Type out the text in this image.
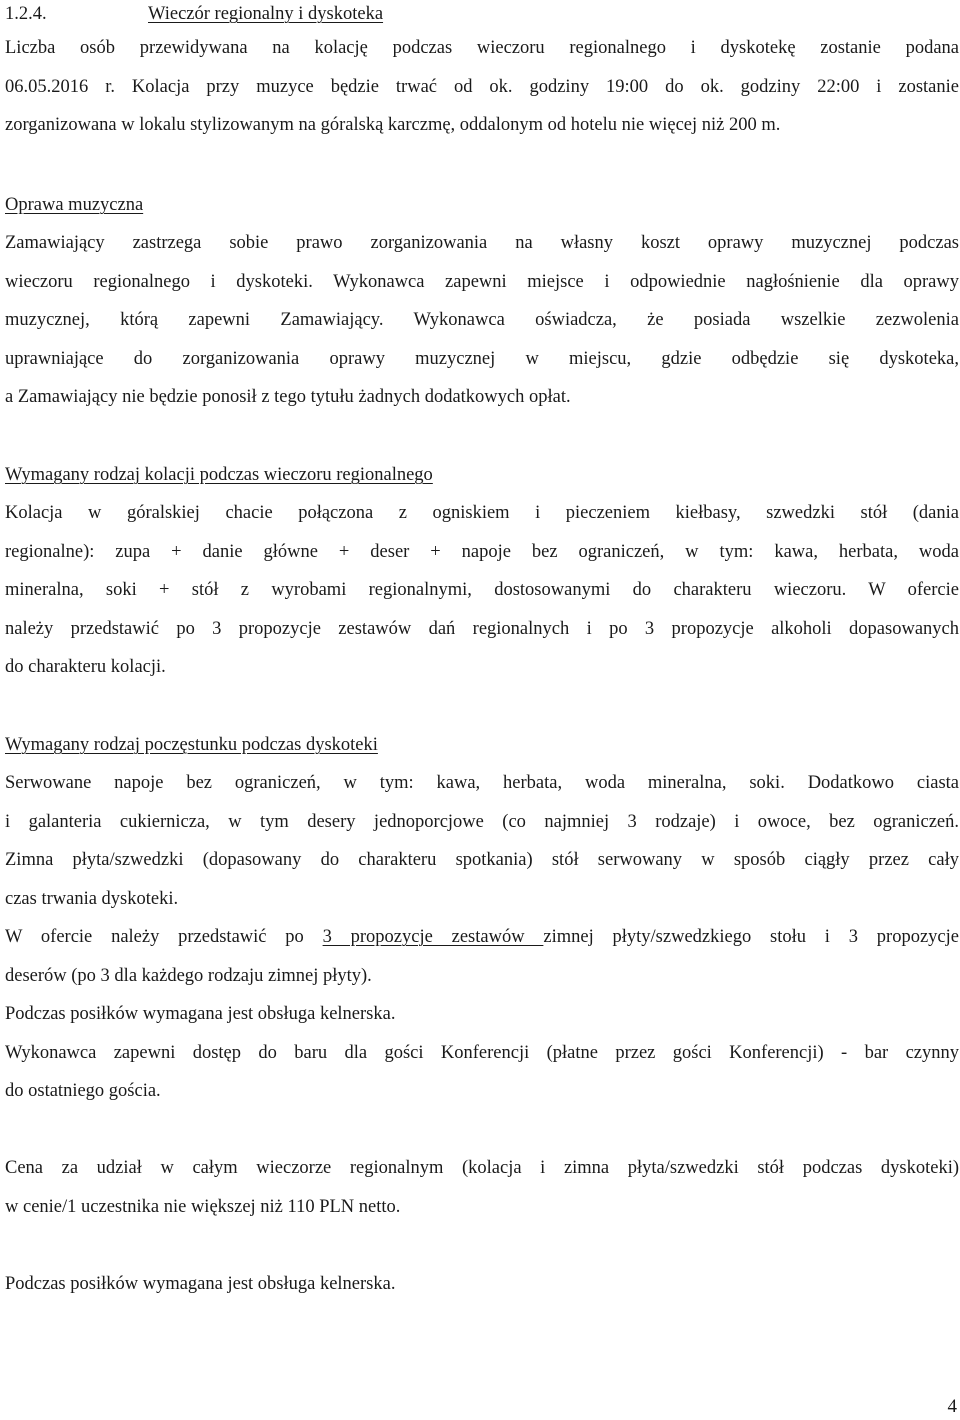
1.2.4.	Wieczór regionalny i dyskoteka
Liczba osób przewidywana na kolację podczas wieczoru regionalnego i dyskotekę zostanie podana
06.05.2016 r. Kolacja przy muzyce będzie trwać od ok. godziny 19:00 do ok. godziny 22:00 i zostanie
zorganizowana w lokalu stylizowanym na góralską karczmę, oddalonym od hotelu nie więcej niż 200 m.
Oprawa muzyczna
Zamawiający zastrzega sobie prawo zorganizowania na własny koszt oprawy muzycznej podczas
wieczoru regionalnego i dyskoteki. Wykonawca zapewni miejsce i odpowiednie nagłośnienie dla oprawy
muzycznej, którą zapewni Zamawiający. Wykonawca oświadcza, że posiada wszelkie zezwolenia
uprawniające do zorganizowania oprawy muzycznej w miejscu, gdzie odbędzie się dyskoteka,
a Zamawiający nie będzie ponosił z tego tytułu żadnych dodatkowych opłat.
Wymagany rodzaj kolacji podczas wieczoru regionalnego
Kolacja w góralskiej chacie połączona z ogniskiem i pieczeniem kiełbasy, szwedzki stół (dania
regionalne): zupa + danie główne + deser + napoje bez ograniczeń, w tym: kawa, herbata, woda
mineralna, soki + stół z wyrobami regionalnymi, dostosowanymi do charakteru wieczoru. W ofercie
należy przedstawić po 3 propozycje zestawów dań regionalnych i po 3 propozycje alkoholi dopasowanych
do charakteru kolacji.
Wymagany rodzaj poczęstunku podczas dyskoteki
Serwowane napoje bez ograniczeń, w tym: kawa, herbata, woda mineralna, soki. Dodatkowo ciasta
i galanteria cukiernicza, w tym desery jednoporcjowe (co najmniej 3 rodzaje) i owoce, bez ograniczeń.
Zimna płyta/szwedzki (dopasowany do charakteru spotkania) stół serwowany w sposób ciągły przez cały
czas trwania dyskoteki.
W ofercie należy przedstawić po 3 propozycje zestawów zimnej płyty/szwedzkiego stołu i 3 propozycje
deserów (po 3 dla każdego rodzaju zimnej płyty).
Podczas posiłków wymagana jest obsługa kelnerska.
Wykonawca zapewni dostęp do baru dla gości Konferencji (płatne przez gości Konferencji) - bar czynny
do ostatniego gościa.
Cena za udział w całym wieczorze regionalnym (kolacja i zimna płyta/szwedzki stół podczas dyskoteki)
w cenie/1 uczestnika nie większej niż 110 PLN netto.
Podczas posiłków wymagana jest obsługa kelnerska.
4
